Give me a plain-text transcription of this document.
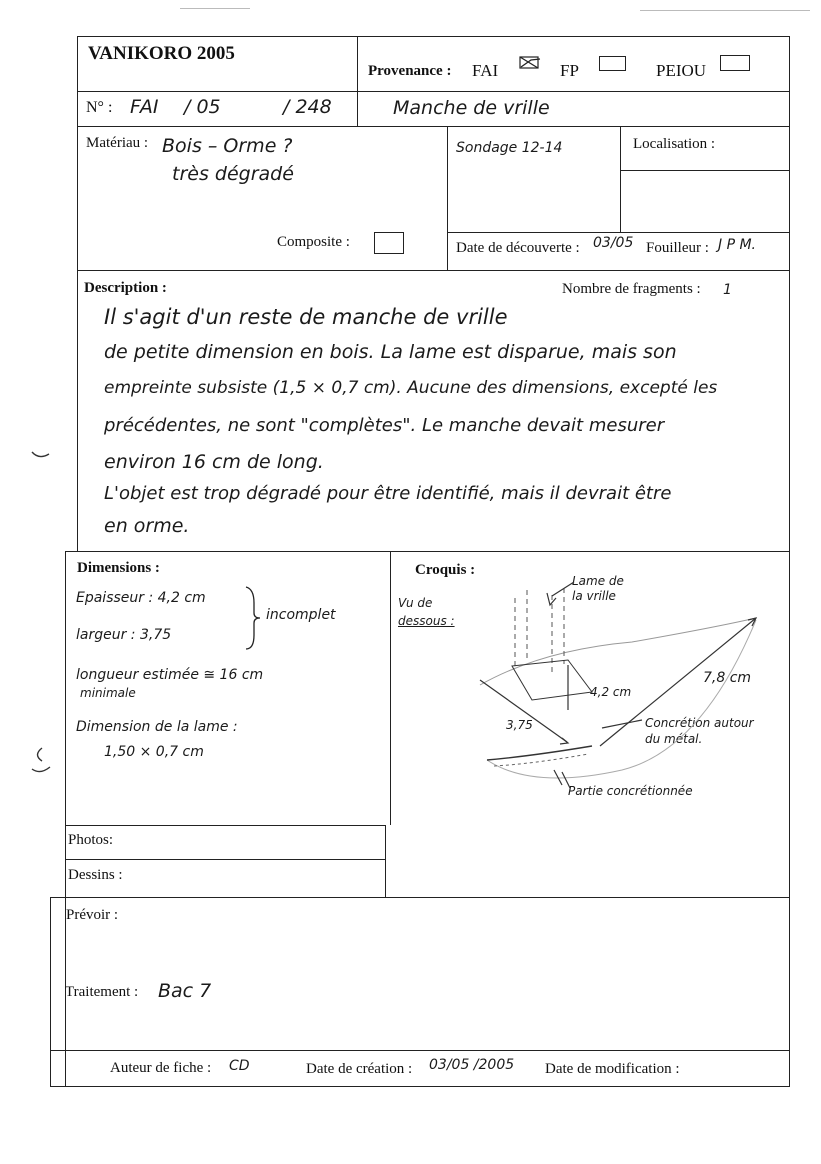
VANIKORO 2005
Provenance : FAI	FP	PEIOU
N° : FAI / 05	/ 248	Manche de vrille
Matériau : Bois – Orme ?
très dégradé
Sondage 12-14	Localisation :
Composite :	Date de découverte : 03/05 Fouilleur : J P M.
Description :	Nombre de fragments : 1
Il s'agit d'un reste de manche de vrille
de petite dimension en bois. La lame est disparue, mais son
empreinte subsiste (1,5 × 0,7 cm). Aucune des dimensions, excepté les
précédentes, ne sont "complètes". Le manche devait mesurer
environ 16 cm de long.
L'objet est trop dégradé pour être identifié, mais il devrait être
en orme.
Dimensions :
Epaisseur : 4,2 cm
largeur : 3,75
incomplet
longueur estimée ≅ 16 cm
minimale
Dimension de la lame :
1,50 × 0,7 cm
Croquis :
Vu de
dessous :
Lame de
la vrille
4,2 cm
3,75
7,8 cm
Concrétion autour
du métal.
Partie concrétionnée
Photos:
Dessins :
Prévoir :
Traitement : Bac 7
Auteur de fiche : CD	Date de création : 03/05 /2005 Date de modification :
